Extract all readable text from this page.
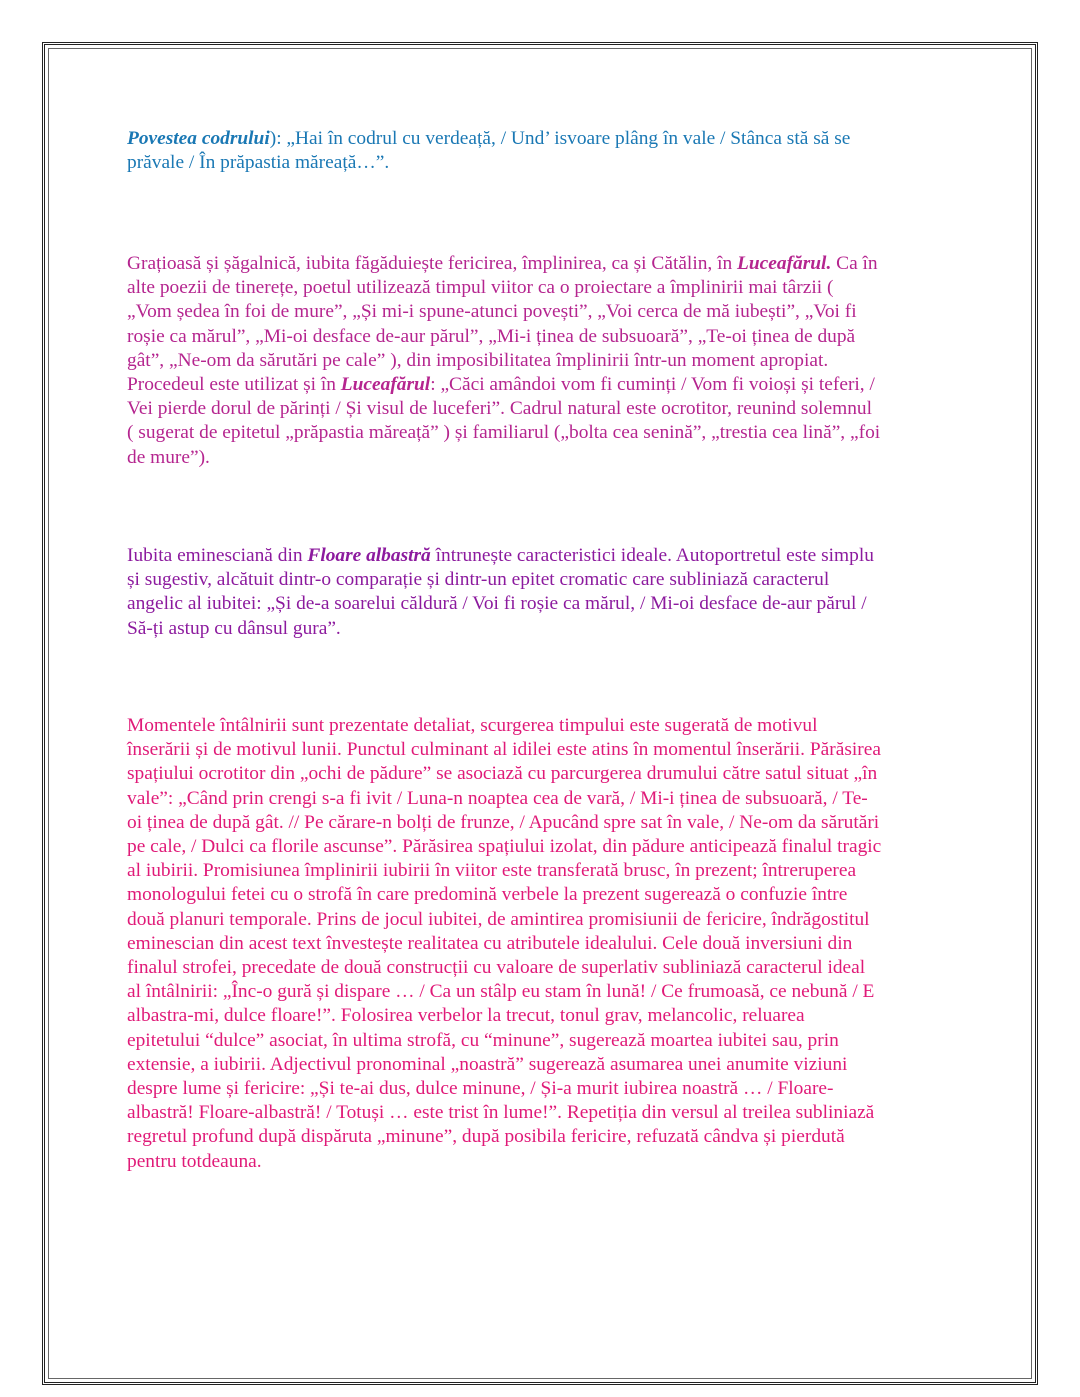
Povestea codrului): „Hai în codrul cu verdeață, / Und’ isvoare plâng în vale / Stânca stă să se
prăvale / În prăpastia măreață…”.
Grațioasă și șăgalnică, iubita făgăduiește fericirea, împlinirea, ca și Cătălin, în Luceafărul. Ca în
alte poezii de tinerețe, poetul utilizează timpul viitor ca o proiectare a împlinirii mai târzii (
„Vom ședea în foi de mure”, „Și mi-i spune-atunci povești”, „Voi cerca de mă iubești”, „Voi fi
roșie ca mărul”, „Mi-oi desface de-aur părul”, „Mi-i ținea de subsuoară”, „Te-oi ținea de după
gât”, „Ne-om da sărutări pe cale” ), din imposibilitatea împlinirii într-un moment apropiat.
Procedeul este utilizat și în Luceafărul: „Căci amândoi vom fi cuminți / Vom fi voioși și teferi, /
Vei pierde dorul de părinți / Și visul de luceferi”. Cadrul natural este ocrotitor, reunind solemnul
( sugerat de epitetul „prăpastia măreață” ) și familiarul („bolta cea senină”, „trestia cea lină”, „foi
de mure”).
Iubita eminesciană din Floare albastră întrunește caracteristici ideale. Autoportretul este simplu
și sugestiv, alcătuit dintr-o comparație și dintr-un epitet cromatic care subliniază caracterul
angelic al iubitei: „Și de-a soarelui căldură / Voi fi roșie ca mărul, / Mi-oi desface de-aur părul /
Să-ți astup cu dânsul gura”.
Momentele întâlnirii sunt prezentate detaliat, scurgerea timpului este sugerată de motivul
înserării și de motivul lunii. Punctul culminant al idilei este atins în momentul înserării. Părăsirea
spațiului ocrotitor din „ochi de pădure” se asociază cu parcurgerea drumului către satul situat „în
vale”: „Când prin crengi s-a fi ivit / Luna-n noaptea cea de vară, / Mi-i ținea de subsuoară, / Te-
oi ținea de după gât. // Pe cărare-n bolți de frunze, / Apucând spre sat în vale, / Ne-om da sărutări
pe cale, / Dulci ca florile ascunse”. Părăsirea spațiului izolat, din pădure anticipează finalul tragic
al iubirii. Promisiunea împlinirii iubirii în viitor este transferată brusc, în prezent; întreruperea
monologului fetei cu o strofă în care predomină verbele la prezent sugerează o confuzie între
două planuri temporale. Prins de jocul iubitei, de amintirea promisiunii de fericire, îndrăgostitul
eminescian din acest text învestește realitatea cu atributele idealului. Cele două inversiuni din
finalul strofei, precedate de două construcții cu valoare de superlativ subliniază caracterul ideal
al întâlnirii: „Înc-o gură și dispare … / Ca un stâlp eu stam în lună! / Ce frumoasă, ce nebună / E
albastra-mi, dulce floare!”. Folosirea verbelor la trecut, tonul grav, melancolic, reluarea
epitetului “dulce” asociat, în ultima strofă, cu “minune”, sugerează moartea iubitei sau, prin
extensie, a iubirii. Adjectivul pronominal „noastră” sugerează asumarea unei anumite viziuni
despre lume și fericire: „Și te-ai dus, dulce minune, / Și-a murit iubirea noastră … / Floare-
albastră! Floare-albastră! / Totuși … este trist în lume!”. Repetiția din versul al treilea subliniază
regretul profund după dispăruta „minune”, după posibila fericire, refuzată cândva și pierdută
pentru totdeauna.
